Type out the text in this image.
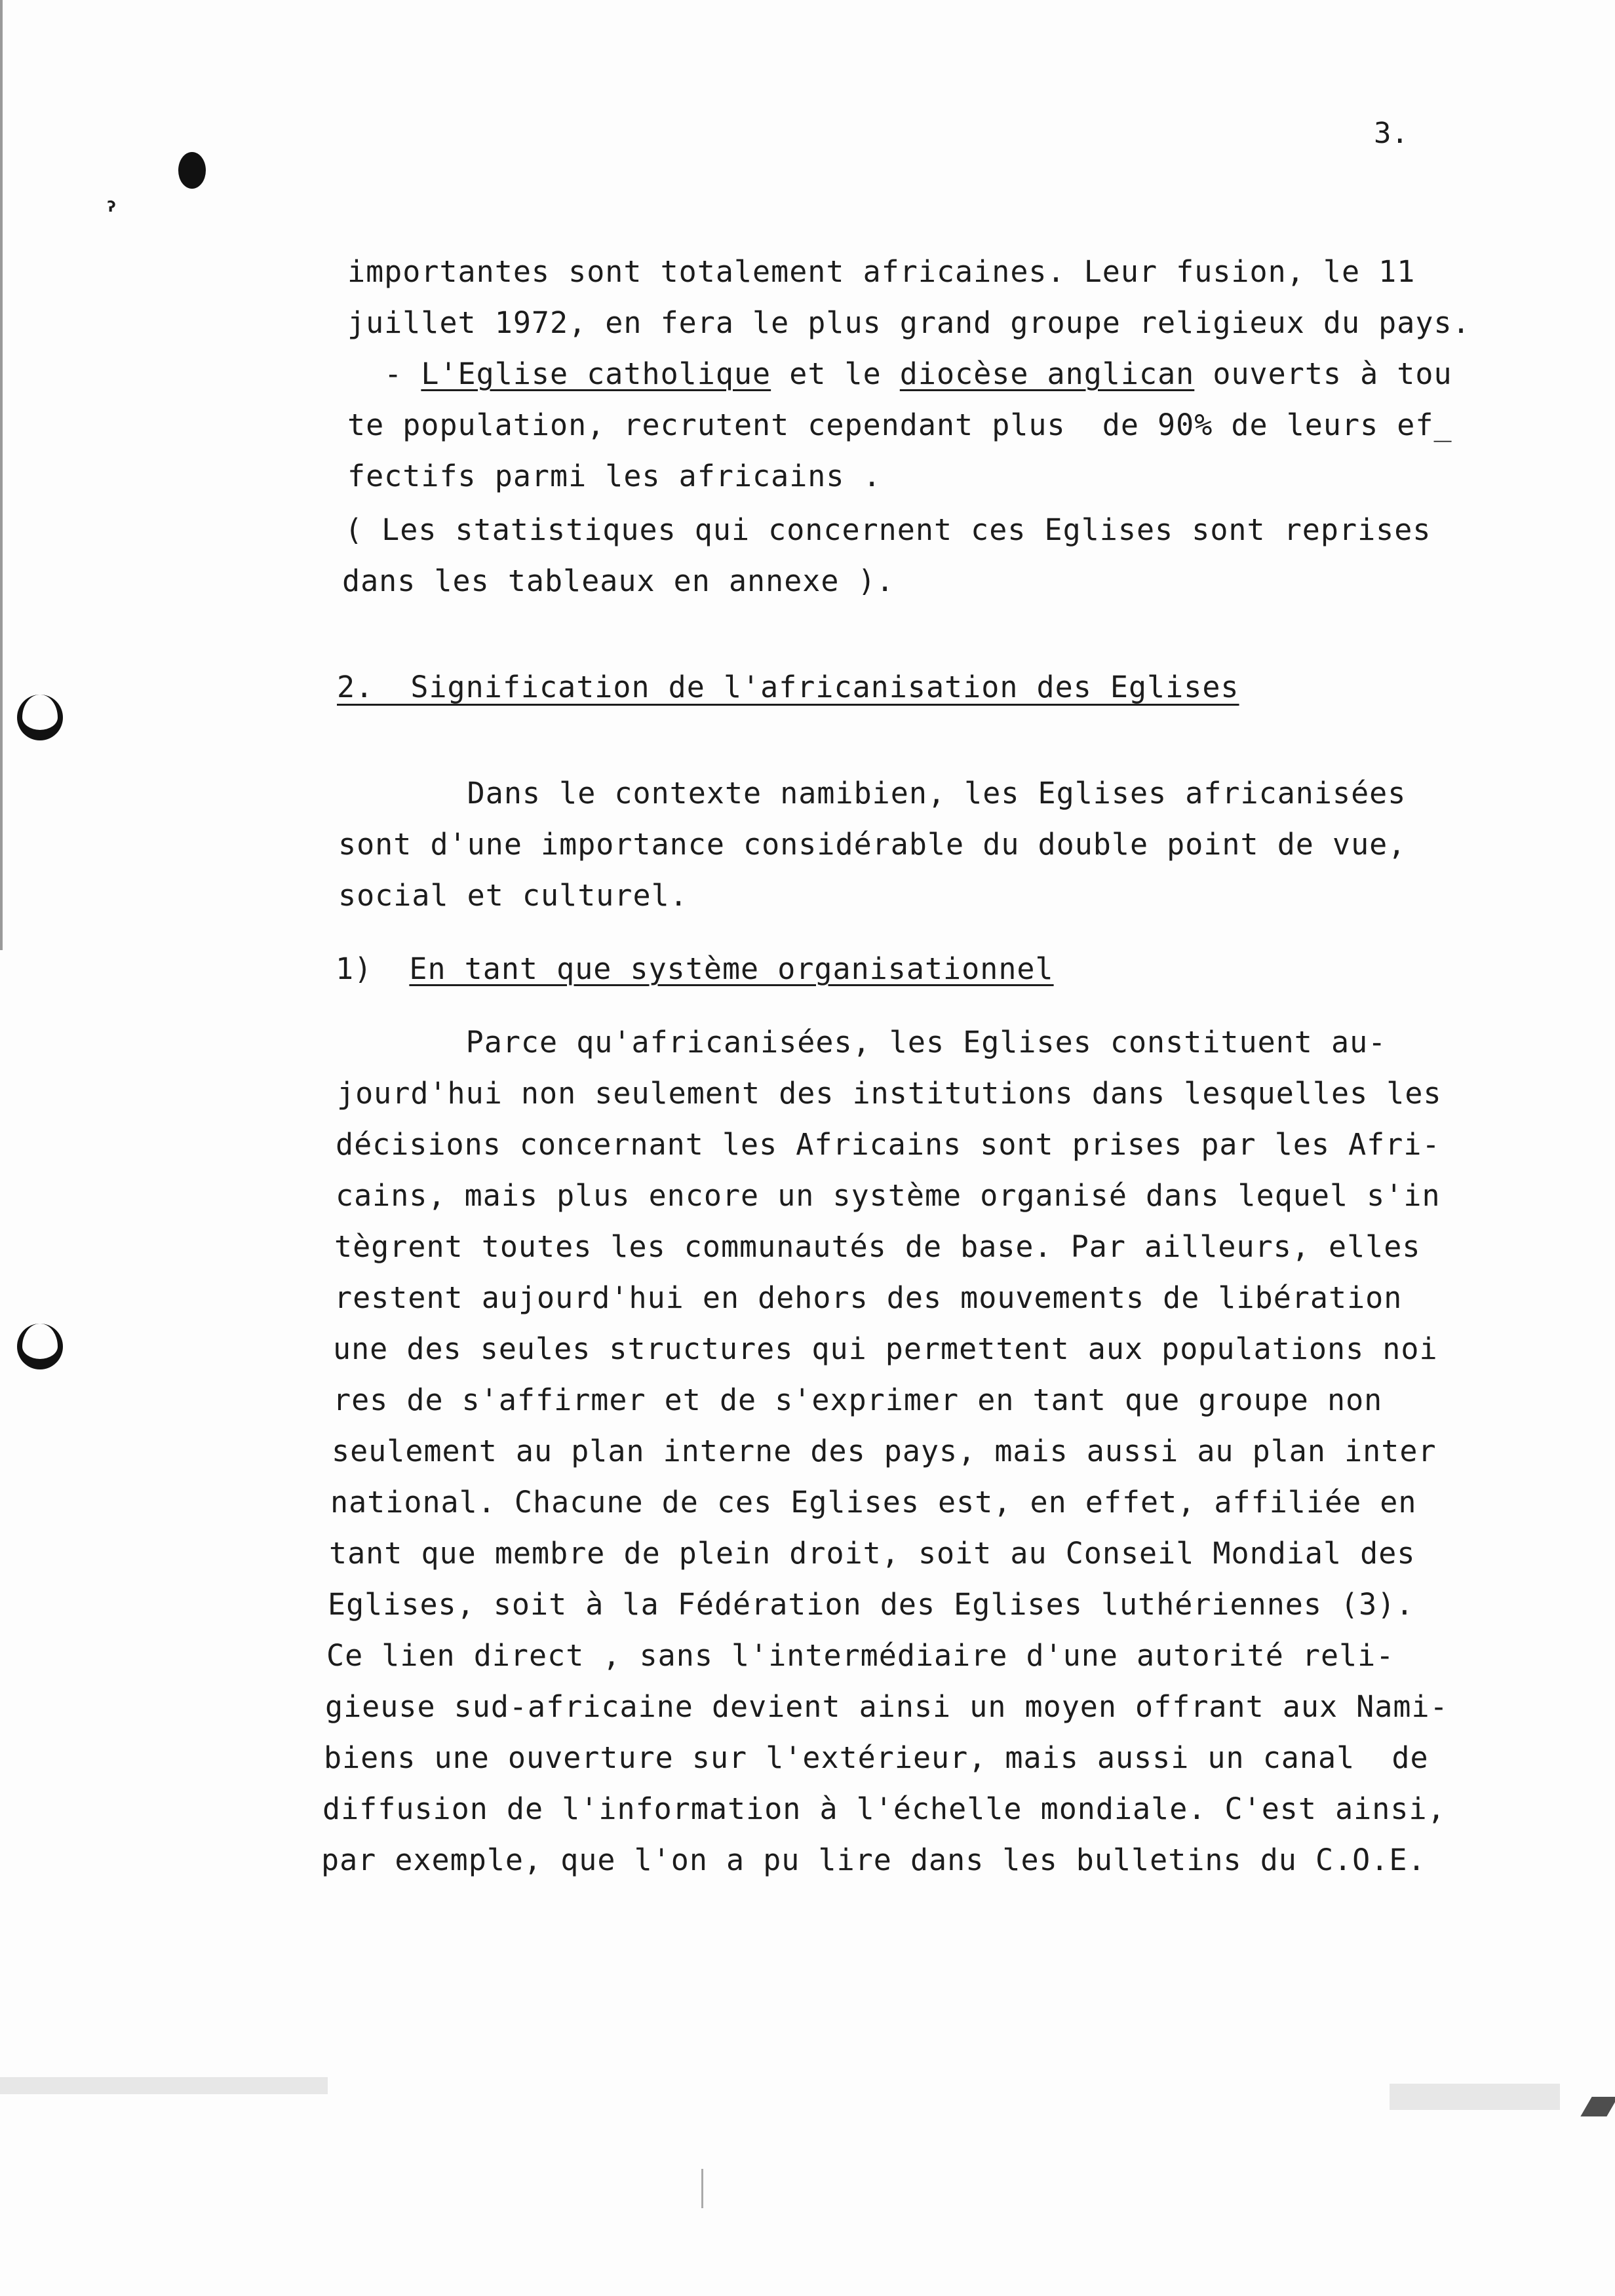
ˀ
3.
importantes sont totalement africaines. Leur fusion, le 11
juillet 1972, en fera le plus grand groupe religieux du pays.
- L'Eglise catholique et le diocèse anglican ouverts à tou
te population, recrutent cependant plus  de 90% de leurs ef_
fectifs parmi les africains .
( Les statistiques qui concernent ces Eglises sont reprises
dans les tableaux en annexe ).
2.  Signification de l'africanisation des Eglises
Dans le contexte namibien, les Eglises africanisées
sont d'une importance considérable du double point de vue,
social et culturel.
1)  En_tant que système organisationnel
Parce qu'africanisées, les Eglises constituent au-
jourd'hui non seulement des institutions dans lesquelles les
décisions concernant les Africains sont prises par les Afri-
cains, mais plus encore un système organisé dans lequel s'in
tègrent toutes les communautés de base. Par ailleurs, elles
restent aujourd'hui en dehors des mouvements de libération
une des seules structures qui permettent aux populations noi
res de s'affirmer et de s'exprimer en tant que groupe non
seulement au plan interne des pays, mais aussi au plan inter
national. Chacune de ces Eglises est, en effet, affiliée en
tant que membre de plein droit, soit au Conseil Mondial des
Eglises, soit à la Fédération des Eglises luthériennes (3).
Ce lien direct , sans l'intermédiaire d'une autorité reli-
gieuse sud-africaine devient ainsi un moyen offrant aux Nami-
biens une ouverture sur l'extérieur, mais aussi un canal  de
diffusion de l'information à l'échelle mondiale. C'est ainsi,
par exemple, que l'on a pu lire dans les bulletins du C.O.E.
